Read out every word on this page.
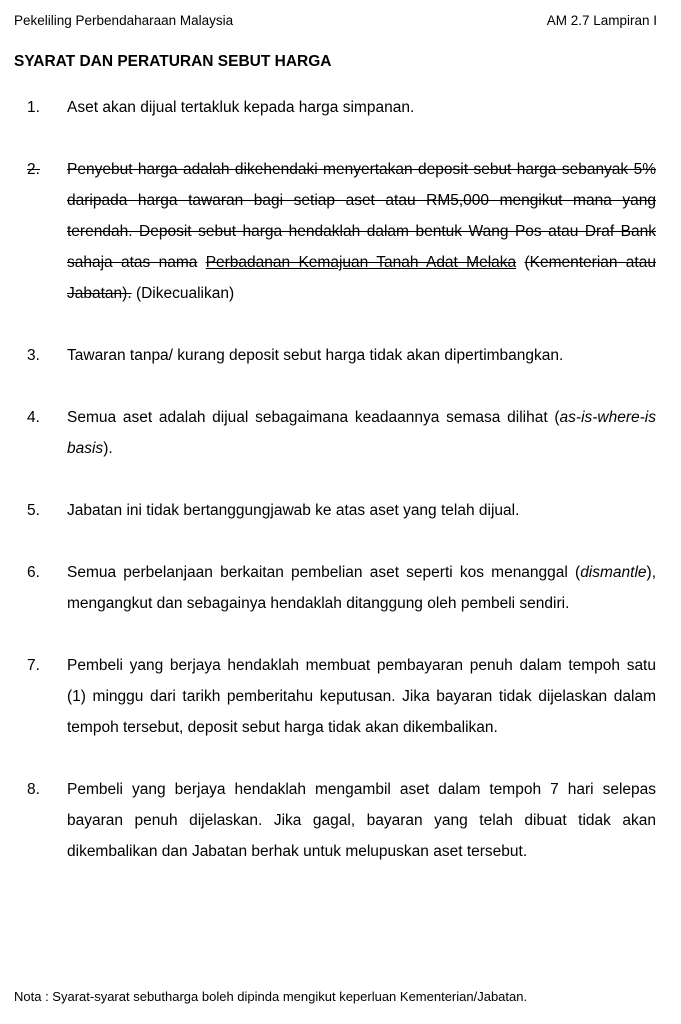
Pekeliling Perbendaharaan Malaysia	AM 2.7 Lampiran I
SYARAT DAN PERATURAN SEBUT HARGA
1. Aset akan dijual tertakluk kepada harga simpanan.
2. Penyebut harga adalah dikehendaki menyertakan deposit sebut harga sebanyak 5% daripada harga tawaran bagi setiap aset atau RM5,000 mengikut mana yang terendah. Deposit sebut harga hendaklah dalam bentuk Wang Pos atau Draf Bank sahaja atas nama Perbadanan Kemajuan Tanah Adat Melaka (Kementerian atau Jabatan). (Dikecualikan)
3. Tawaran tanpa/ kurang deposit sebut harga tidak akan dipertimbangkan.
4. Semua aset adalah dijual sebagaimana keadaannya semasa dilihat (as-is-where-is basis).
5. Jabatan ini tidak bertanggungjawab ke atas aset yang telah dijual.
6. Semua perbelanjaan berkaitan pembelian aset seperti kos menanggal (dismantle), mengangkut dan sebagainya hendaklah ditanggung oleh pembeli sendiri.
7. Pembeli yang berjaya hendaklah membuat pembayaran penuh dalam tempoh satu (1) minggu dari tarikh pemberitahu keputusan. Jika bayaran tidak dijelaskan dalam tempoh tersebut, deposit sebut harga tidak akan dikembalikan.
8. Pembeli yang berjaya hendaklah mengambil aset dalam tempoh 7 hari selepas bayaran penuh dijelaskan. Jika gagal, bayaran yang telah dibuat tidak akan dikembalikan dan Jabatan berhak untuk melupuskan aset tersebut.
Nota : Syarat-syarat sebutharga boleh dipinda mengikut keperluan Kementerian/Jabatan.
